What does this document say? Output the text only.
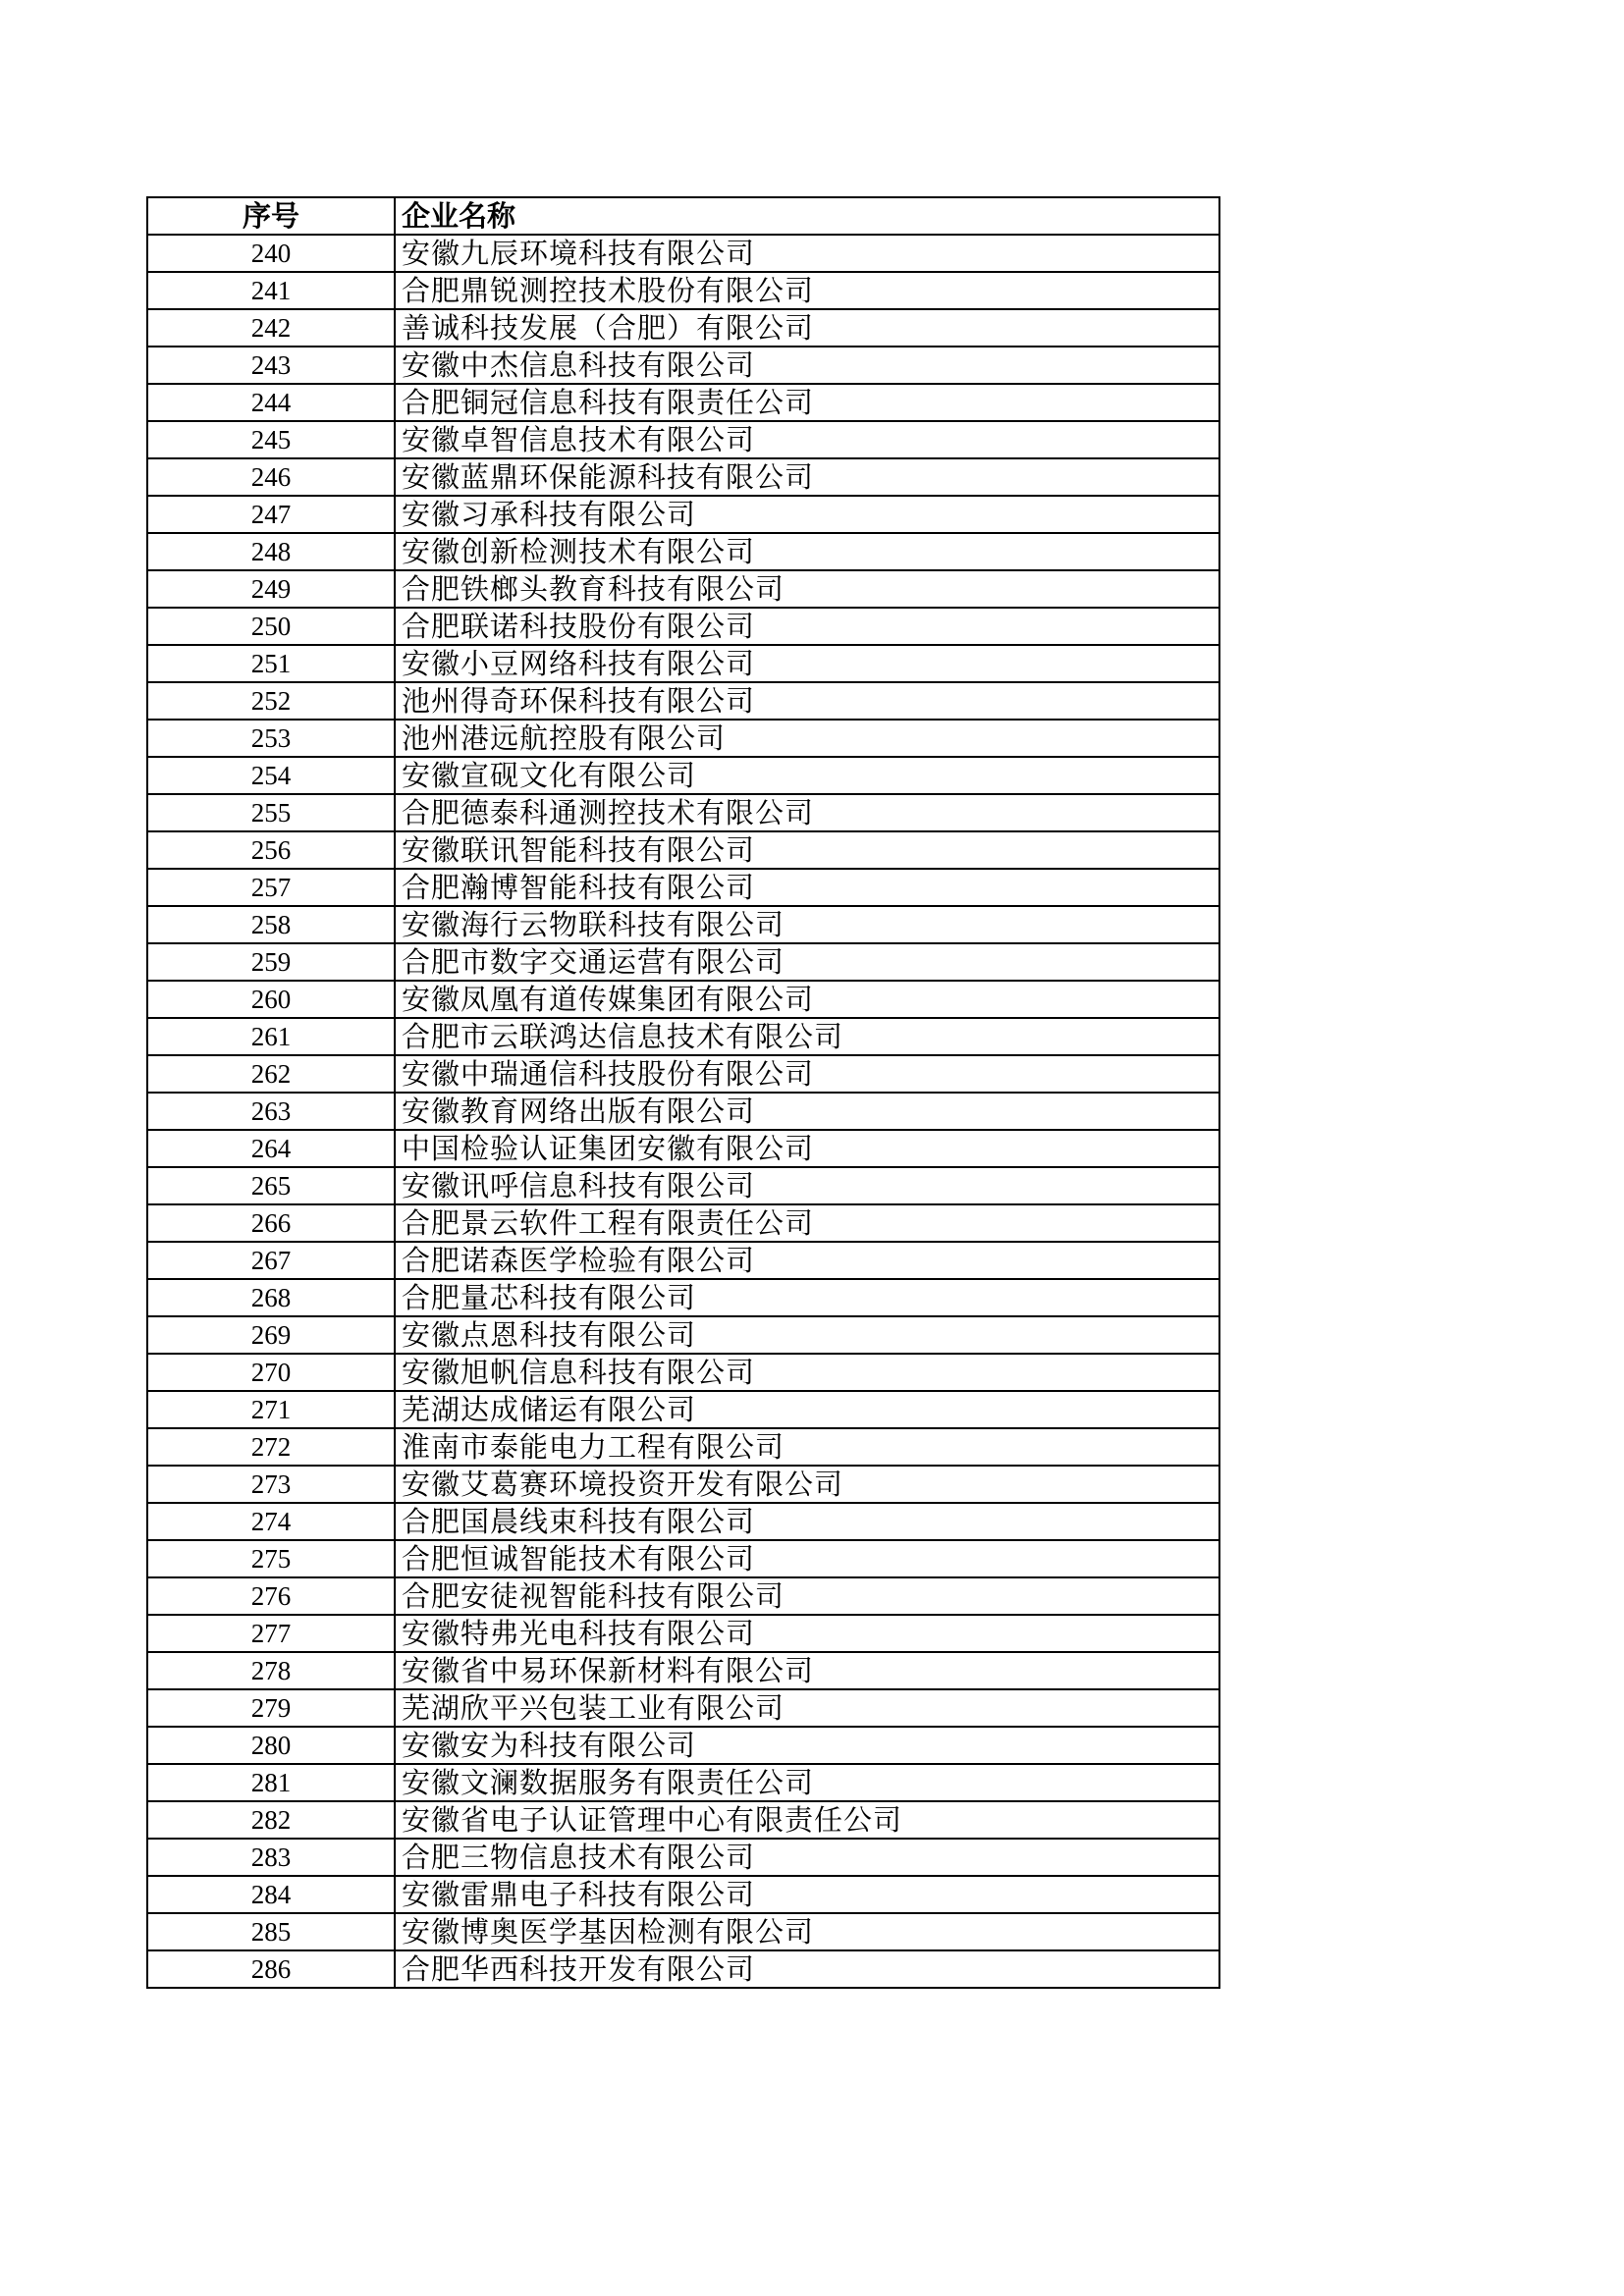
序号	企业名称
240	安徽九辰环境科技有限公司
241	合肥鼎锐测控技术股份有限公司
242	善诚科技发展（合肥）有限公司
243	安徽中杰信息科技有限公司
244	合肥铜冠信息科技有限责任公司
245	安徽卓智信息技术有限公司
246	安徽蓝鼎环保能源科技有限公司
247	安徽习承科技有限公司
248	安徽创新检测技术有限公司
249	合肥铁榔头教育科技有限公司
250	合肥联诺科技股份有限公司
251	安徽小豆网络科技有限公司
252	池州得奇环保科技有限公司
253	池州港远航控股有限公司
254	安徽宣砚文化有限公司
255	合肥德泰科通测控技术有限公司
256	安徽联讯智能科技有限公司
257	合肥瀚博智能科技有限公司
258	安徽海行云物联科技有限公司
259	合肥市数字交通运营有限公司
260	安徽凤凰有道传媒集团有限公司
261	合肥市云联鸿达信息技术有限公司
262	安徽中瑞通信科技股份有限公司
263	安徽教育网络出版有限公司
264	中国检验认证集团安徽有限公司
265	安徽讯呼信息科技有限公司
266	合肥景云软件工程有限责任公司
267	合肥诺森医学检验有限公司
268	合肥量芯科技有限公司
269	安徽点恩科技有限公司
270	安徽旭帆信息科技有限公司
271	芜湖达成储运有限公司
272	淮南市泰能电力工程有限公司
273	安徽艾葛赛环境投资开发有限公司
274	合肥国晨线束科技有限公司
275	合肥恒诚智能技术有限公司
276	合肥安徒视智能科技有限公司
277	安徽特弗光电科技有限公司
278	安徽省中易环保新材料有限公司
279	芜湖欣平兴包装工业有限公司
280	安徽安为科技有限公司
281	安徽文澜数据服务有限责任公司
282	安徽省电子认证管理中心有限责任公司
283	合肥三物信息技术有限公司
284	安徽雷鼎电子科技有限公司
285	安徽博奥医学基因检测有限公司
286	合肥华西科技开发有限公司
